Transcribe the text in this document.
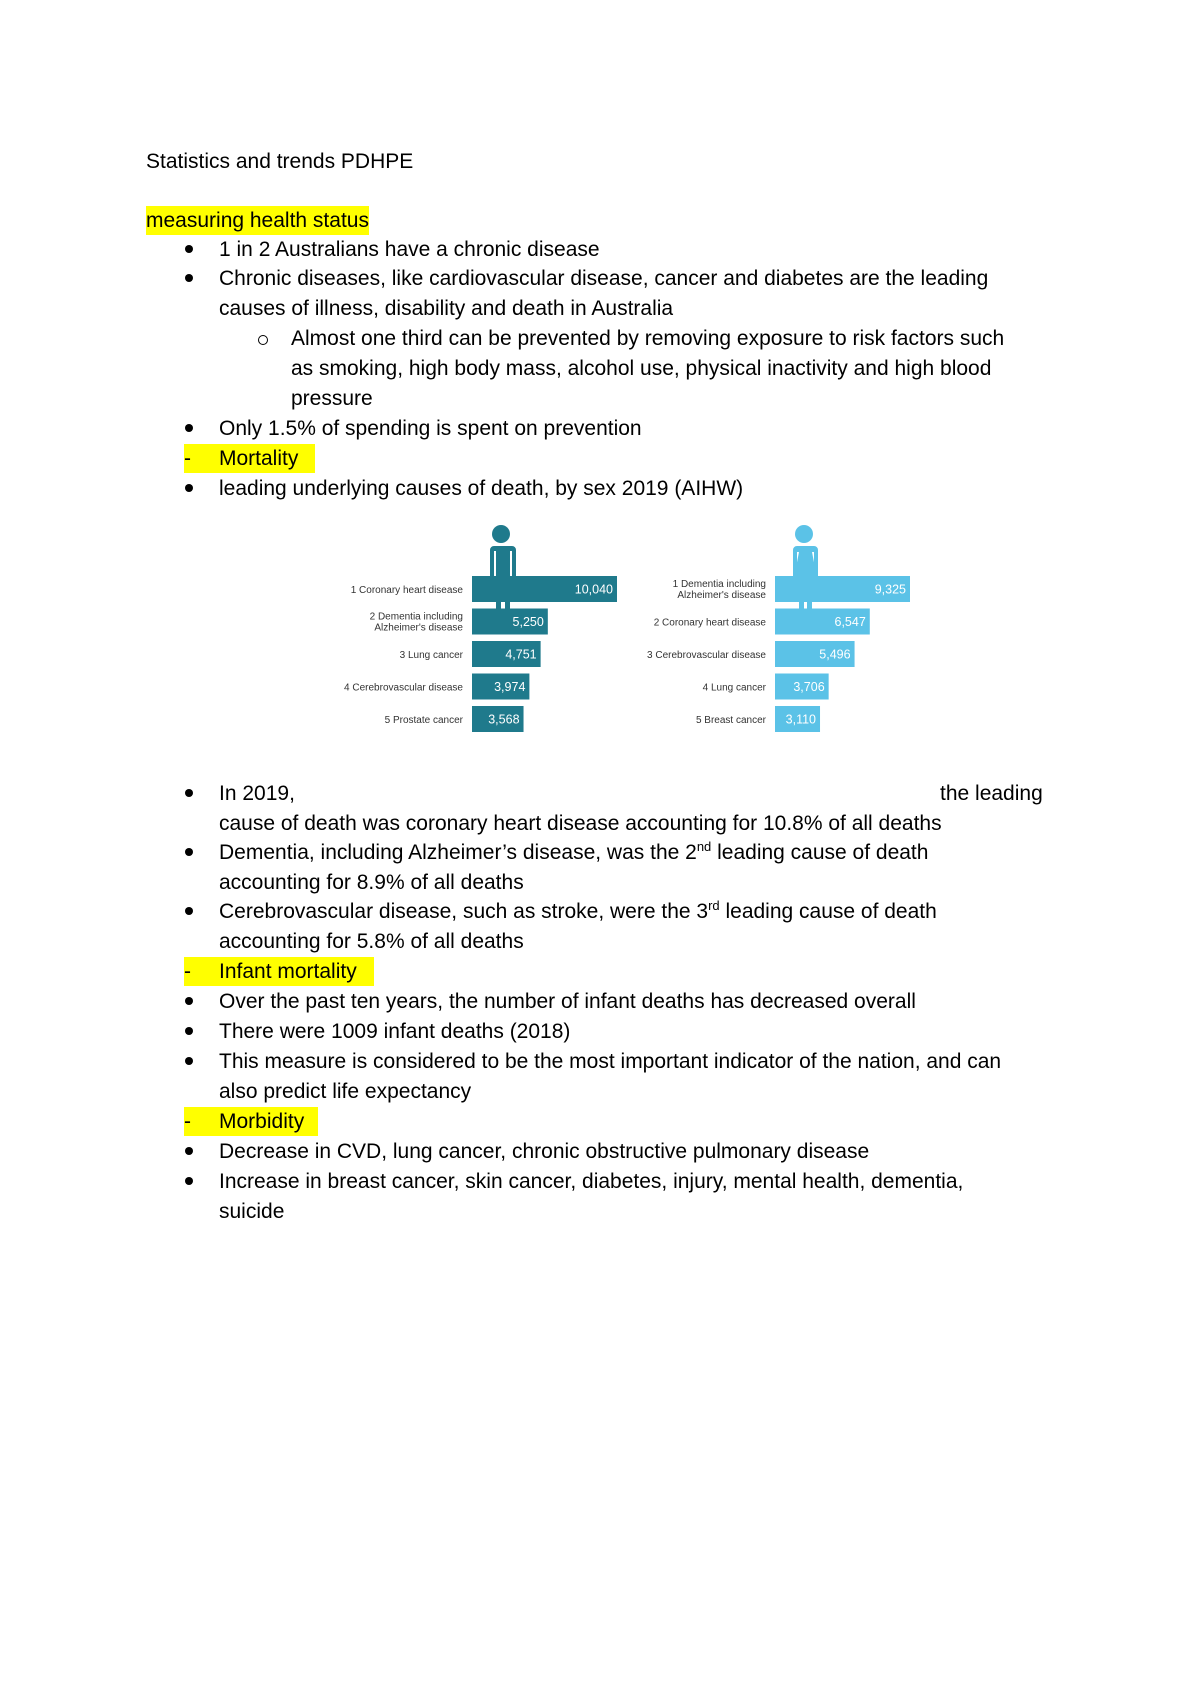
Statistics and trends PDHPE
measuring health status
1 in 2 Australians have a chronic disease
Chronic diseases, like cardiovascular disease, cancer and diabetes are the leading
causes of illness, disability and death in Australia
Almost one third can be prevented by removing exposure to risk factors such
as smoking, high body mass, alcohol use, physical inactivity and high blood
pressure
Only 1.5% of spending is spent on prevention
-	Mortality
leading underlying causes of death, by sex 2019 (AIHW)
10,040
1 Coronary heart disease
5,250
2 Dementia including
Alzheimer's disease
4,751
3 Lung cancer
3,974
4 Cerebrovascular disease
3,568
5 Prostate cancer
9,325
1 Dementia including
Alzheimer's disease
6,547
2 Coronary heart disease
5,496
3 Cerebrovascular disease
3,706
4 Lung cancer
3,110
5 Breast cancer
In 2019,	the leading
cause of death was coronary heart disease accounting for 10.8% of all deaths
Dementia, including Alzheimer’s disease, was the 2nd leading cause of death
accounting for 8.9% of all deaths
Cerebrovascular disease, such as stroke, were the 3rd leading cause of death
accounting for 5.8% of all deaths
-	Infant mortality
Over the past ten years, the number of infant deaths has decreased overall
There were 1009 infant deaths (2018)
This measure is considered to be the most important indicator of the nation, and can
also predict life expectancy
-	Morbidity
Decrease in CVD, lung cancer, chronic obstructive pulmonary disease
Increase in breast cancer, skin cancer, diabetes, injury, mental health, dementia,
suicide
